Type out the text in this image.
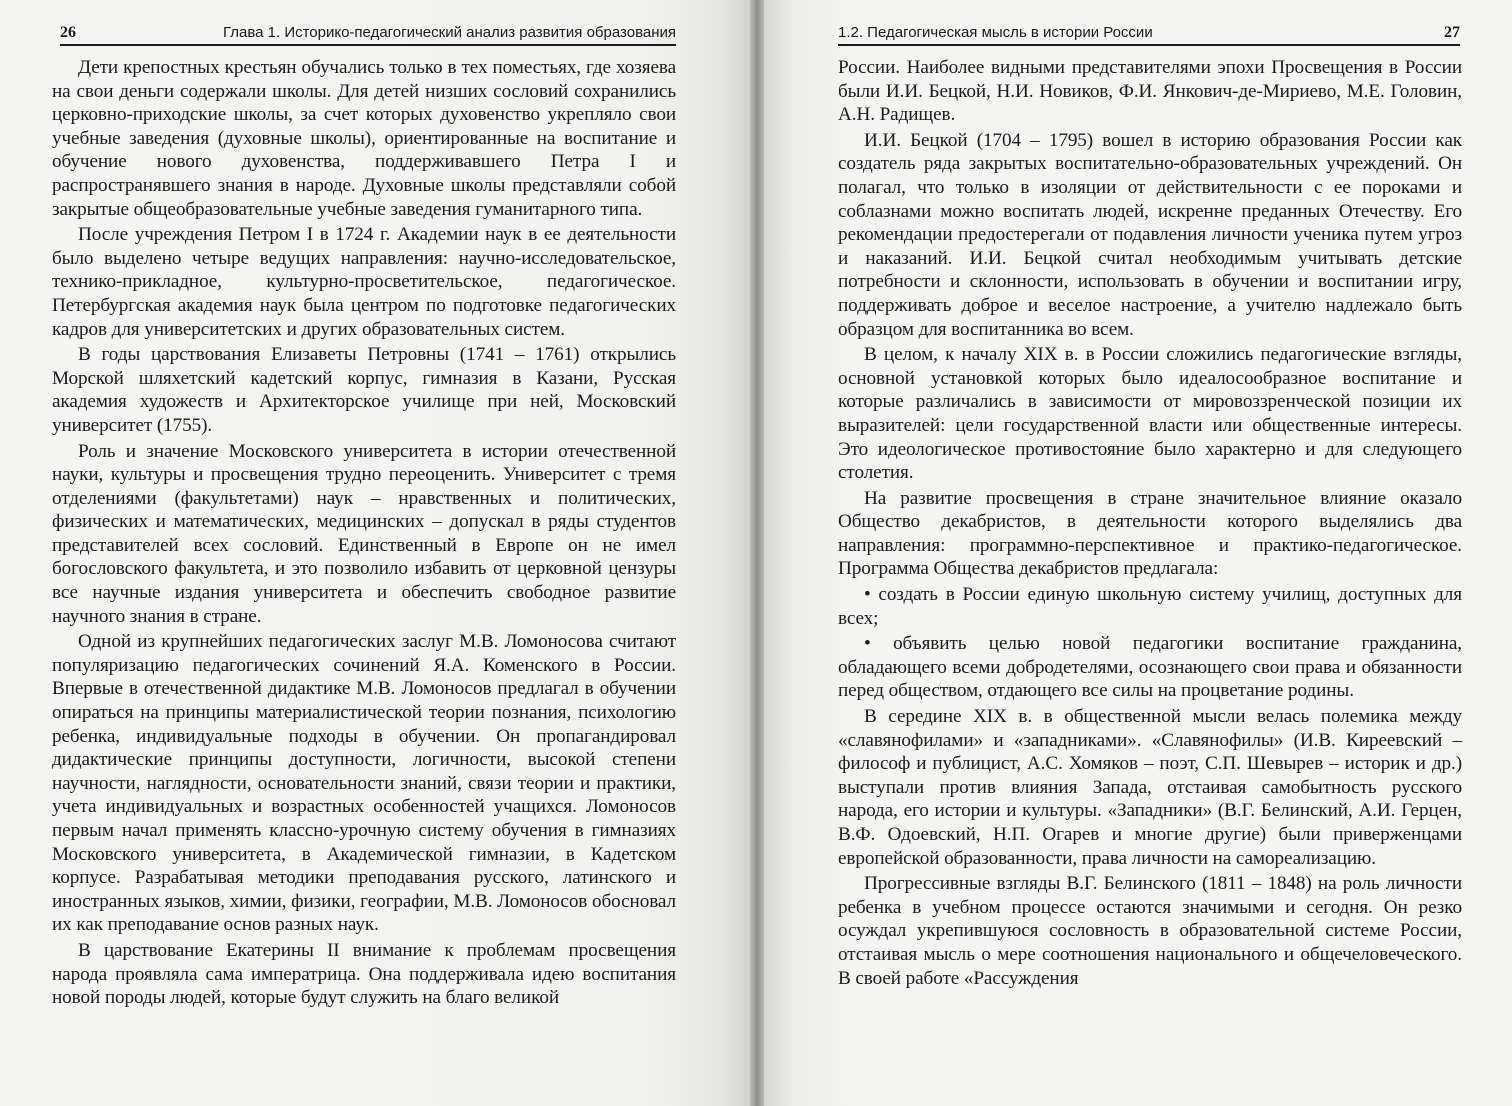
26	Глава 1. Историко-педагогический анализ развития образования

Дети крепостных крестьян обучались только в тех поместьях, где хозяева на свои деньги содержали школы. Для детей низших сословий сохранились церковно-приходские школы, за счет которых духовенство укрепляло свои учебные заведения (духовные школы), ориентированные на воспитание и обучение нового духовенства, поддерживавшего Петра I и распространявшего знания в народе. Духовные школы представляли собой закрытые общеобразовательные учебные заведения гуманитарного типа.

После учреждения Петром I в 1724 г. Академии наук в ее деятельности было выделено четыре ведущих направления: научно-исследовательское, технико-прикладное, культурно-просветительское, педагогическое. Петербургская академия наук была центром по подготовке педагогических кадров для университетских и других образовательных систем.

В годы царствования Елизаветы Петровны (1741 – 1761) открылись Морской шляхетский кадетский корпус, гимназия в Казани, Русская академия художеств и Архитекторское училище при ней, Московский университет (1755).

Роль и значение Московского университета в истории отечественной науки, культуры и просвещения трудно переоценить. Университет с тремя отделениями (факультетами) наук – нравственных и политических, физических и математических, медицинских – допускал в ряды студентов представителей всех сословий. Единственный в Европе он не имел богословского факультета, и это позволило избавить от церковной цензуры все научные издания университета и обеспечить свободное развитие научного знания в стране.

Одной из крупнейших педагогических заслуг М.В. Ломоносова считают популяризацию педагогических сочинений Я.А. Коменского в России. Впервые в отечественной дидактике М.В. Ломоносов предлагал в обучении опираться на принципы материалистической теории познания, психологию ребенка, индивидуальные подходы в обучении. Он пропагандировал дидактические принципы доступности, логичности, высокой степени научности, наглядности, основательности знаний, связи теории и практики, учета индивидуальных и возрастных особенностей учащихся. Ломоносов первым начал применять классно-урочную систему обучения в гимназиях Московского университета, в Академической гимназии, в Кадетском корпусе. Разрабатывая методики преподавания русского, латинского и иностранных языков, химии, физики, географии, М.В. Ломоносов обосновал их как преподавание основ разных наук.

В царствование Екатерины II внимание к проблемам просвещения народа проявляла сама императрица. Она поддерживала идею воспитания новой породы людей, которые будут служить на благо великой

1.2. Педагогическая мысль в истории России	27

России. Наиболее видными представителями эпохи Просвещения в России были И.И. Бецкой, Н.И. Новиков, Ф.И. Янкович-де-Мириево, М.Е. Головин, А.Н. Радищев.

И.И. Бецкой (1704 – 1795) вошел в историю образования России как создатель ряда закрытых воспитательно-образовательных учреждений. Он полагал, что только в изоляции от действительности с ее пороками и соблазнами можно воспитать людей, искренне преданных Отечеству. Его рекомендации предостерегали от подавления личности ученика путем угроз и наказаний. И.И. Бецкой считал необходимым учитывать детские потребности и склонности, использовать в обучении и воспитании игру, поддерживать доброе и веселое настроение, а учителю надлежало быть образцом для воспитанника во всем.

В целом, к началу XIX в. в России сложились педагогические взгляды, основной установкой которых было идеалосообразное воспитание и которые различались в зависимости от мировоззренческой позиции их выразителей: цели государственной власти или общественные интересы. Это идеологическое противостояние было характерно и для следующего столетия.

На развитие просвещения в стране значительное влияние оказало Общество декабристов, в деятельности которого выделялись два направления: программно-перспективное и практико-педагогическое. Программа Общества декабристов предлагала:

• создать в России единую школьную систему училищ, доступных для всех;

• объявить целью новой педагогики воспитание гражданина, обладающего всеми добродетелями, осознающего свои права и обязанности перед обществом, отдающего все силы на процветание родины.

В середине XIX в. в общественной мысли велась полемика между «славянофилами» и «западниками». «Славянофилы» (И.В. Киреевский – философ и публицист, А.С. Хомяков – поэт, С.П. Шевырев – историк и др.) выступали против влияния Запада, отстаивая самобытность русского народа, его истории и культуры. «Западники» (В.Г. Белинский, А.И. Герцен, В.Ф. Одоевский, Н.П. Огарев и многие другие) были приверженцами европейской образованности, права личности на самореализацию.

Прогрессивные взгляды В.Г. Белинского (1811 – 1848) на роль личности ребенка в учебном процессе остаются значимыми и сегодня. Он резко осуждал укрепившуюся сословность в образовательной системе России, отстаивая мысль о мере соотношения национального и общечеловеческого. В своей работе «Рассуждения
